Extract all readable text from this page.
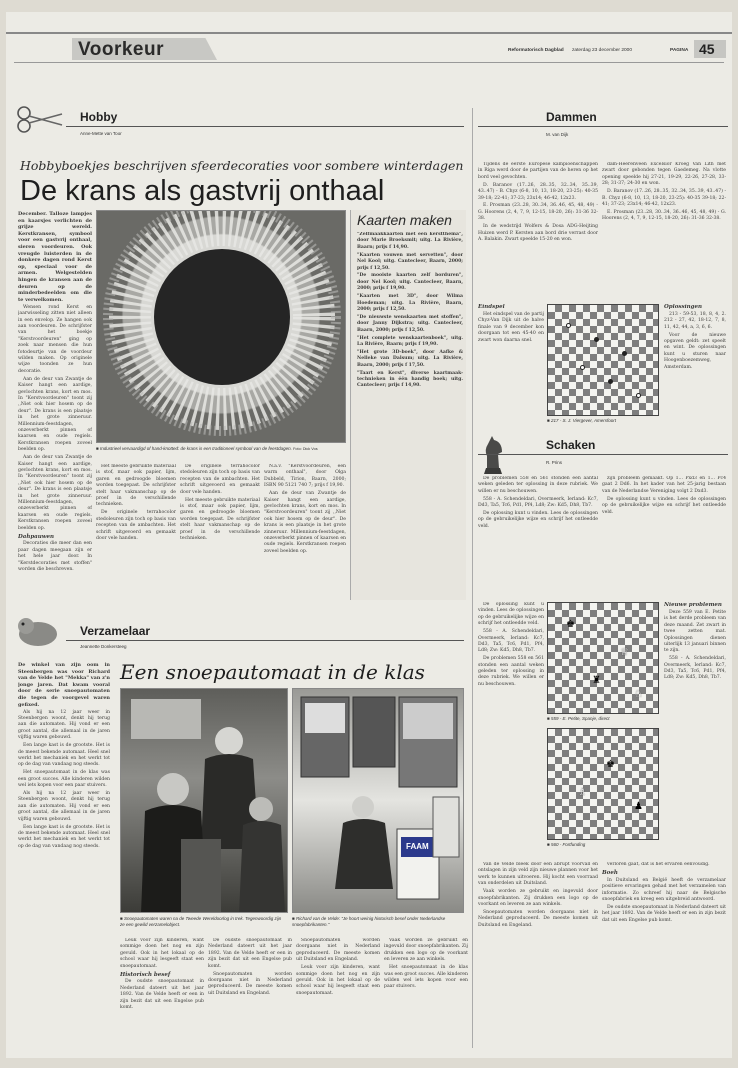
Voorkeur	Reformatorisch Dagblad zaterdag 23 december 2000	PAGINA 45
Hobby
Anne-Mette van Toor
Hobbyboekjes beschrijven sfeerdecoraties voor sombere winterdagen
De krans als gastvrij onthaal

December. Talloze lampjes en kaarsjes verlichten de grijze wereld. Kerstkransen, symbool voor een gastvrij onthaal, sieren voordeuren. Ook vreugde luisterden in de donkere dagen rond Kerst op, speciaal voor de armen. Welgestelden hingen de kransen aan de deuren op de minderbedeelden om die te verwelkomen.

Wensen rond Kerst en jaarwisseling zitten niet alleen in een envelop. Ze hangen ook aan voordeuren. De schrijfster van het boekje "Kerstvoordeuren" ging op zoek naar mensen die hun fotodeurtje van de voordeur wilden maken. Op originele wijze toonden ze hun decoratie.

Aan de deur van Zwantje de Kaiser hangt een aardige, gevlochten krans, kort en mos. In "Kerstvoordeuren" toont zij ,,Niet ook hier hosem op de deur". De krans is een plaatsje in het grote zinneruur. Millennium-feestdagen, onzeverberkt pinnen of kaarsen en oude regiels. Kerstkransen roepen zoveel beelden op.

Aan de deur van Zwantje de Kaiser hangt een aardige, gevlochten krans, kort en mos. In "Kerstvoordeuren" toont zij ,,Niet ook hier hosem op de deur". De krans is een plaatsje in het grote zinneruur. Millennium-feestdagen, onzeverberkt pinnen of kaarsen en oude regiels. Kerstkransen roepen zoveel beelden op.

Dahpauwen

Decoraties die meer dan een paar dagen meegaan zijn er het hele jaar door. In "Kerstdecoraties met stoffen" worden die beschreven.

■ Industrieel vervaardigd of hand-knotted: de krans is een traditioneel symbool van de feestdagen. Foto: Dick Vos

Het meeste gebruikte materiaal is stof, maar ook papier, lijm, garen en gedroogde bloemen worden toegepast. De schrijfster stelt haar vakmanschap op de proef in de verschillende technieken.

De originele terrahocolor stedoleuren zijn toch op basis van recepten van de ambachten. Het schrift uitgevoerd en gemaakt door vele handen.

De originele terrahocolor stedoleuren zijn toch op basis van recepten van de ambachten. Het schrift uitgevoerd en gemaakt door vele handen.

Het meeste gebruikte materiaal is stof, maar ook papier, lijm, garen en gedroogde bloemen worden toegepast. De schrijfster stelt haar vakmanschap op de proef in de verschillende technieken.

N.a.v. "Kerstvoordeuren, een warm onthaal", door Olga Dubbeld, Tirion, Baarn, 2000; ISBN 90 5121 740 7; prijs f 19,90.

Aan de deur van Zwantje de Kaiser hangt een aardige, gevlochten krans, kort en mos. In "Kerstvoordeuren" toont zij ,,Niet ook hier hosem op de deur". De krans is een plaatsje in het grote zinneruur. Millennium-feestdagen, onzeverberkt pinnen of kaarsen en oude regiels. Kerstkransen roepen zoveel beelden op.

Kaarten maken

"Zelfmaakkaarten met een kerstthema", door Marie Broeksmit; uitg. La Rivière, Baarn; prijs f 14,90.

"Kaarten vouwen met servetten", door Nel Kool; uitg. Cantecleer, Baarn, 2000; prijs f 12,50.

"De mooiste kaarten zelf borduren", door Nel Kool; uitg. Cantecleer, Baarn, 2000; prijs f 19,90.

"Kaarten met 3D", door Wilma Hoedeman; uitg. La Rivière, Baarn, 2000; prijs f 12,50.

"De nieuwste wenskaarten met stoffen", door Janny Dijkstra; uitg. Cantecleer, Baarn, 2000; prijs f 12,50.

"Het complete wenskaartenboek", uitg. La Rivière, Baarn; prijs f 19,90.

"Het grote 3D-boek", door Aafke & Nelleke van Dalsum; uitg. La Rivière, Baarn, 2000; prijs f 17,50.

"Taart en Kerst", diverse kaartmaak-technieken in één handig boek; uitg. Cantecleer; prijs f 14,90.

Verzamelaar
Jeannette Donkersteeg

De winkel van zijn oom in Steenbergen was voor Richard van de Velde het "Mekka" van z'n jonge jaren. Dat kwam vooral door de serie snoepautomaten die tegen de voorgevel waren gefixed.

Als hij na 12 jaar weer in Steenbergen woont, denkt hij terug aan die automaten. Hij vond er een groot aantal, die allemaal in de jaren vijftig waren gebouwd.

Een lange kast is de grootste. Het is de meest bekende automaat. Heel snel werkt het mechaniek en het werkt tot op de dag van vandaag nog steeds.

Het snoepautomaat in de klas was een groot succes. Alle kinderen wilden wel iets kopen voor een paar stuivers.

Als hij na 12 jaar weer in Steenbergen woont, denkt hij terug aan die automaten. Hij vond er een groot aantal, die allemaal in de jaren vijftig waren gebouwd.

Een lange kast is de grootste. Het is de meest bekende automaat. Heel snel werkt het mechaniek en het werkt tot op de dag van vandaag nog steeds.

Een snoepautomaat in de klas
■ Snoepautomaten waren na de Tweede Wereldoorlog in trek. Tegenwoordig zijn ze een gewild verzamelobject.
FAAM
■ Richard van de Velde: "Je hoort weinig historisch besef onder Nederlandse snoepfabrikanten."

Leuk voor zijn kinderen, want sommige doen het nog en zijn gevuld. Ook in het lokaal op de school waar hij lesgeeft staat een snoepautomaat.

Historisch besef

De oudste snoepautomaat in Nederland dateert uit het jaar 1892. Van de Velde heeft er een in zijn bezit dat uit een Engelse pub komt.

De oudste snoepautomaat in Nederland dateert uit het jaar 1892. Van de Velde heeft er een in zijn bezit dat uit een Engelse pub komt.

Snoepautomaten worden doorgaans niet in Nederland geproduceerd. De meeste komen uit Duitsland en Engeland.

Snoepautomaten worden doorgaans niet in Nederland geproduceerd. De meeste komen uit Duitsland en Engeland.

Leuk voor zijn kinderen, want sommige doen het nog en zijn gevuld. Ook in het lokaal op de school waar hij lesgeeft staat een snoepautomaat.

Vaak worden ze gebruikt en ingevuld door snoepfabrikanten. Zij drukken een logo op de voorkant en leveren ze aan winkels.

Het snoepautomaat in de klas was een groot succes. Alle kinderen wilden wel iets kopen voor een paar stuivers.

Dammen
M. van Dijk

Tijdens de eerste Europese kampioenschappen in Riga werd door de partijen van de heren op het bord veel gevochten.

D. Baranov (17..26, 28..35, 32..34, 35..39, 43..47) - B. Chyz (6-8, 10, 13, 18-20, 23-25): 40-35 39-18; 22-41; 37-23; 23x14; 46-42, 12x23.

E. Prosman (23..28, 30..34, 36..46, 45, 48, 49) - G. Hoorens (2, 4, 7, 9, 12-15, 18-20, 26): 31-36 32-38.

In de wedstrijd Wolfers & Dosa ADG-Heijting Huizen werd P. Kersten aan bord drie verrast door A. Balakin. Zwart speelde 15-20 en won.

Eindspel

Het eindspel van de partij Chyz-Van Dijk uit de halve finale van 9 december kon doorgaan tot een 45-40 en zwart won daarna snel.

■ 217 - S. J. Viergever, Amersfoort

dam-Heerenveen Excelsior Kroeg Van Lith met zwart door gebonden tegen Gaedemeg. Na vlotte opening speelde hij 27-21, 19-29, 22-26, 27-28, 33-28; 31-37; 24-30 en won.

D. Baranov (17..26, 28..35, 32..34, 35..39, 43..47) - B. Chyz (6-8, 10, 13, 18-20, 23-25): 40-35 39-18; 22-41; 37-23; 23x14; 46-42, 12x23.

E. Prosman (23..28, 30..34, 36..46, 45, 48, 49) - G. Hoorens (2, 4, 7, 9, 12-15, 18-20, 26): 31-36 32-38.

Oplossingen

213 - 59-53, 18, 8, 4, 2. 212 - 27, 42, 18-12, 7, 8, 11, 42, 44, a, 3, 6, 6.

Voor de nieuwe opgaven geldt: zet speelt en wint. De oplossingen kunt u sturen naar Hoogenboezemweg, Amsterdam.

Schaken
R. Prins

De problemen 558 en 561 stonden een aantal weken geleden ter oplossing in deze rubriek. We willen er nu beschouwen.

558 - A. Schendeldari, Overmeerk, Ierland: Kc7, Dd3, Ta5, Tc6, Pd1, Pf4, Ld8; Zw: Kd5, Dh8, Tb7.

De oplossing kunt u vinden. Lees de oplossingen op de gebruikelijke wijze en schrijf het ontleedde veld.

De oplossing kunt u vinden. Lees de oplossingen op de gebruikelijke wijze en schrijf het ontleedde veld.

558 - A. Schendeldari, Overmeerk, Ierland: Kc7, Dd3, Ta5, Tc6, Pd1, Pf4, Ld8; Zw: Kd5, Dh8, Tb7.

De problemen 558 en 561 stonden een aantal weken geleden ter oplossing in deze rubriek. We willen er nu beschouwen.

♚
♕
♜
♘
■ 559 - E. Petite, Spanje, direct
♚
♗
♟
■ 560 - Fortfunding

zijn probleem gemaakt. Op 1... Pxd3 en 1... Pc4 gaat 2 Dd6. In het kader van het 25-jarig bestaan van de Nederlandse Vereniging volgt 2 Dxd3.

De oplossing kunt u vinden. Lees de oplossingen op de gebruikelijke wijze en schrijf het ontleedde veld.

Nieuwe problemen

Deze 559 van E. Petite is het derde probleem van deze maand. Zet zwart in twee zetten mat. Oplossingen dienen uiterlijk 13 januari binnen te zijn.

558 - A. Schendeldari, Overmeerk, Ierland: Kc7, Dd3, Ta5, Tc6, Pd1, Pf4, Ld8; Zw: Kd5, Dh8, Tb7.

Van de Velde bleek door een abrupt voorvall en ontslagen in zijn veld zijn nieuwe plannen voor het werk te kunnen uitvoeren. Hij kocht een voorraad van onderdelen uit Duitsland.

Vaak worden ze gebruikt en ingevuld door snoepfabrikanten. Zij drukken een logo op de voorkant en leveren ze aan winkels.

Snoepautomaten worden doorgaans niet in Nederland geproduceerd. De meeste komen uit Duitsland en Engeland.

verloren gaat, dat is het ervaren eenvoudig.

Boeh

In Duitsland en België heeft de verzamelaar positieve ervaringen gehad met het verzamelen van informatie. Zo schreef hij naar de Belgische snoepfabriek en kreeg een uitgebreid antwoord.

De oudste snoepautomaat in Nederland dateert uit het jaar 1892. Van de Velde heeft er een in zijn bezit dat uit een Engelse pub komt.
